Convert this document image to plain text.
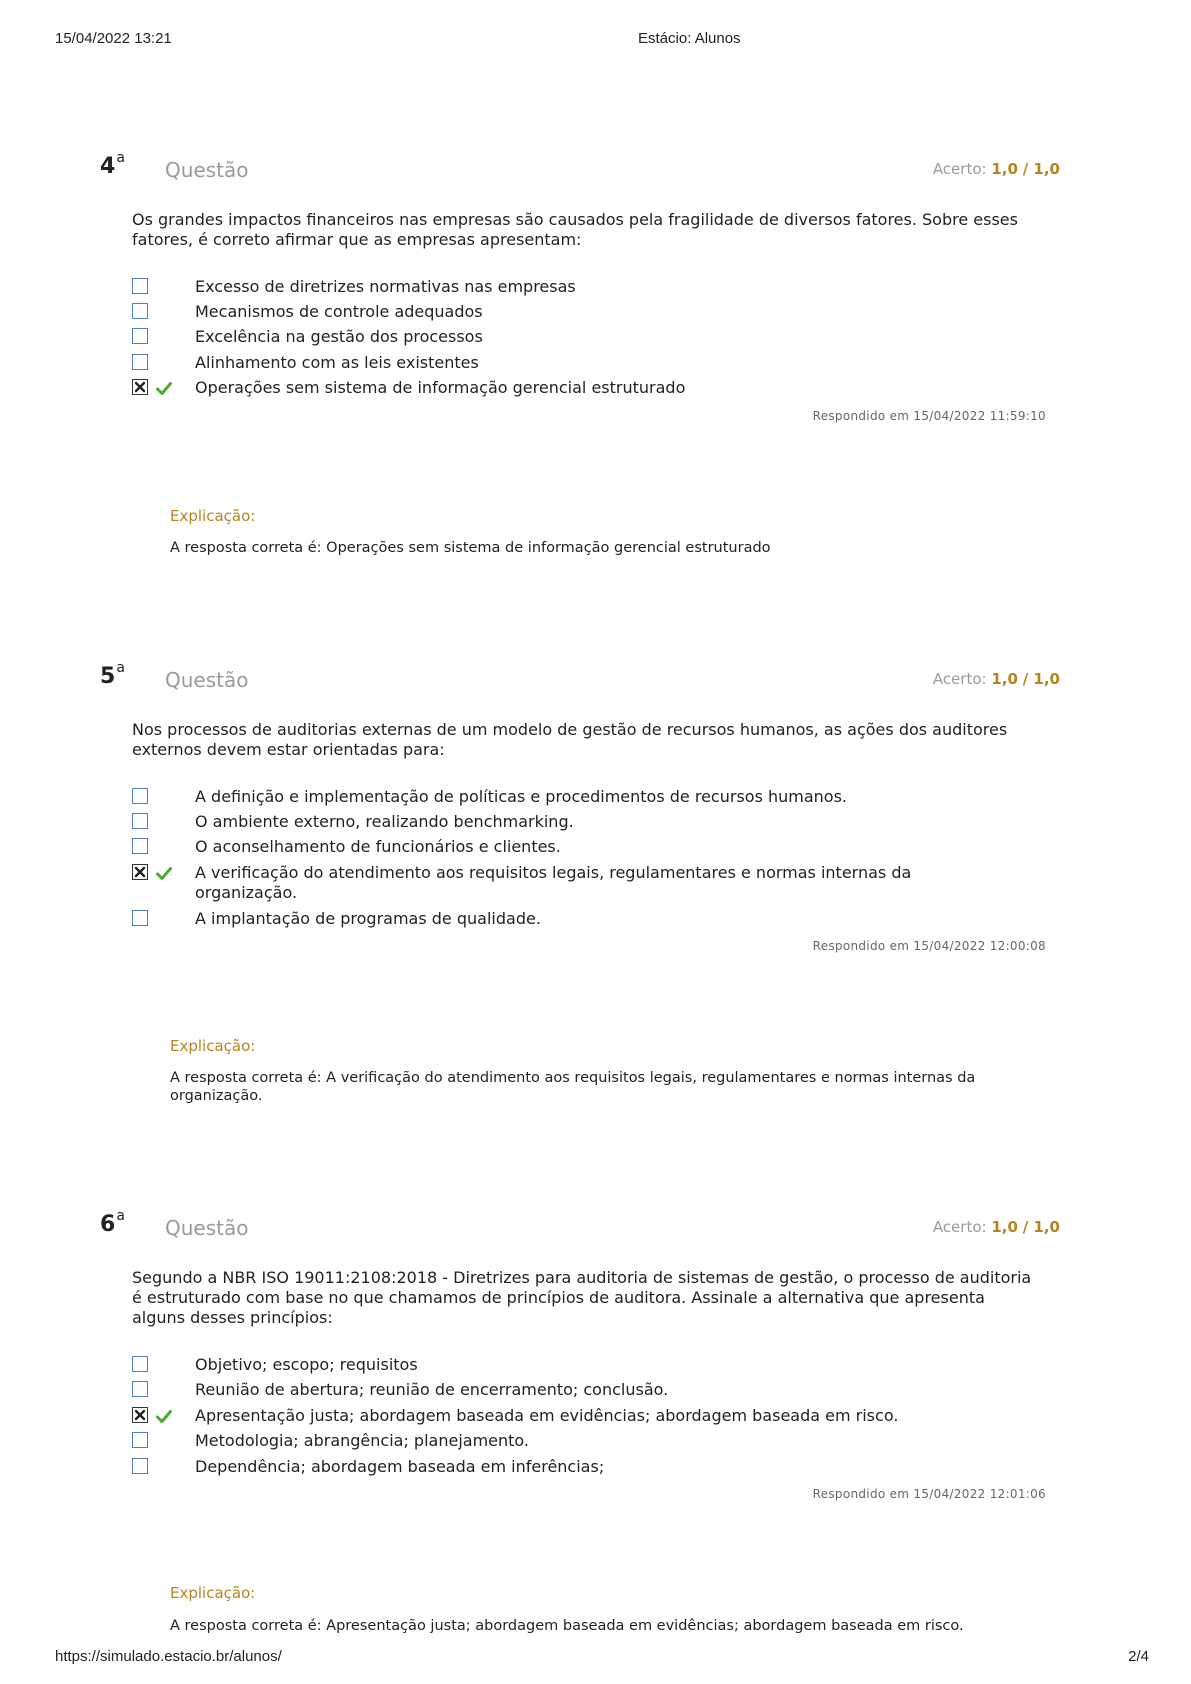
15/04/2022 13:21	Estácio: Alunos
4$^a$ Questão	Acerto: 1,0 / 1,0
Os grandes impactos financeiros nas empresas são causados pela fragilidade de diversos fatores. Sobre esses fatores, é correto afirmar que as empresas apresentam:
Excesso de diretrizes normativas nas empresas
Mecanismos de controle adequados
Excelência na gestão dos processos
Alinhamento com as leis existentes
Operações sem sistema de informação gerencial estruturado
Respondido em 15/04/2022 11:59:10
Explicação:
A resposta correta é: Operações sem sistema de informação gerencial estruturado
5$^a$ Questão	Acerto: 1,0 / 1,0
Nos processos de auditorias externas de um modelo de gestão de recursos humanos, as ações dos auditores externos devem estar orientadas para:
A definição e implementação de políticas e procedimentos de recursos humanos.
O ambiente externo, realizando benchmarking.
O aconselhamento de funcionários e clientes.
A verificação do atendimento aos requisitos legais, regulamentares e normas internas da organização.
A implantação de programas de qualidade.
Respondido em 15/04/2022 12:00:08
Explicação:
A resposta correta é: A verificação do atendimento aos requisitos legais, regulamentares e normas internas da organização.
6$^a$ Questão	Acerto: 1,0 / 1,0
Segundo a NBR ISO 19011:2108:2018 - Diretrizes para auditoria de sistemas de gestão, o processo de auditoria é estruturado com base no que chamamos de princípios de auditora. Assinale a alternativa que apresenta alguns desses princípios:
Objetivo; escopo; requisitos
Reunião de abertura; reunião de encerramento; conclusão.
Apresentação justa; abordagem baseada em evidências; abordagem baseada em risco.
Metodologia; abrangência; planejamento.
Dependência; abordagem baseada em inferências;
Respondido em 15/04/2022 12:01:06
Explicação:
A resposta correta é: Apresentação justa; abordagem baseada em evidências; abordagem baseada em risco.
https://simulado.estacio.br/alunos/	2/4
